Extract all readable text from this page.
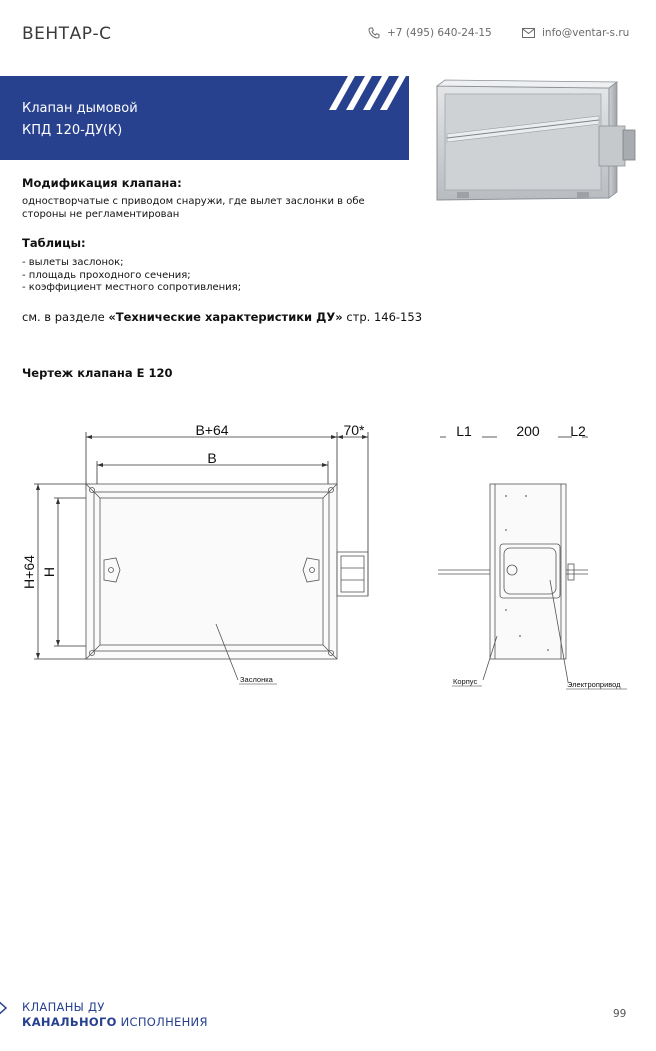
ВЕНТАР-С	+7 (495) 640-24-15	info@ventar-s.ru
Клапан дымовой
КПД 120-ДУ(К)
Модификация клапана:
одностворчатые с приводом снаружи, где вылет заслонки в обе
стороны не регламентирован
Таблицы:
- вылеты заслонок;
- площадь проходного сечения;
- коэффициент местного сопротивления;
см. в разделе «Технические характеристики ДУ» стр. 146-153
Чертеж клапана Е 120
B+64	70*
B
H+64 H
L1	200 L2
Заслонка	Корпус	Электропривод
КЛАПАНЫ ДУ
КАНАЛЬНОГО ИСПОЛНЕНИЯ
99
